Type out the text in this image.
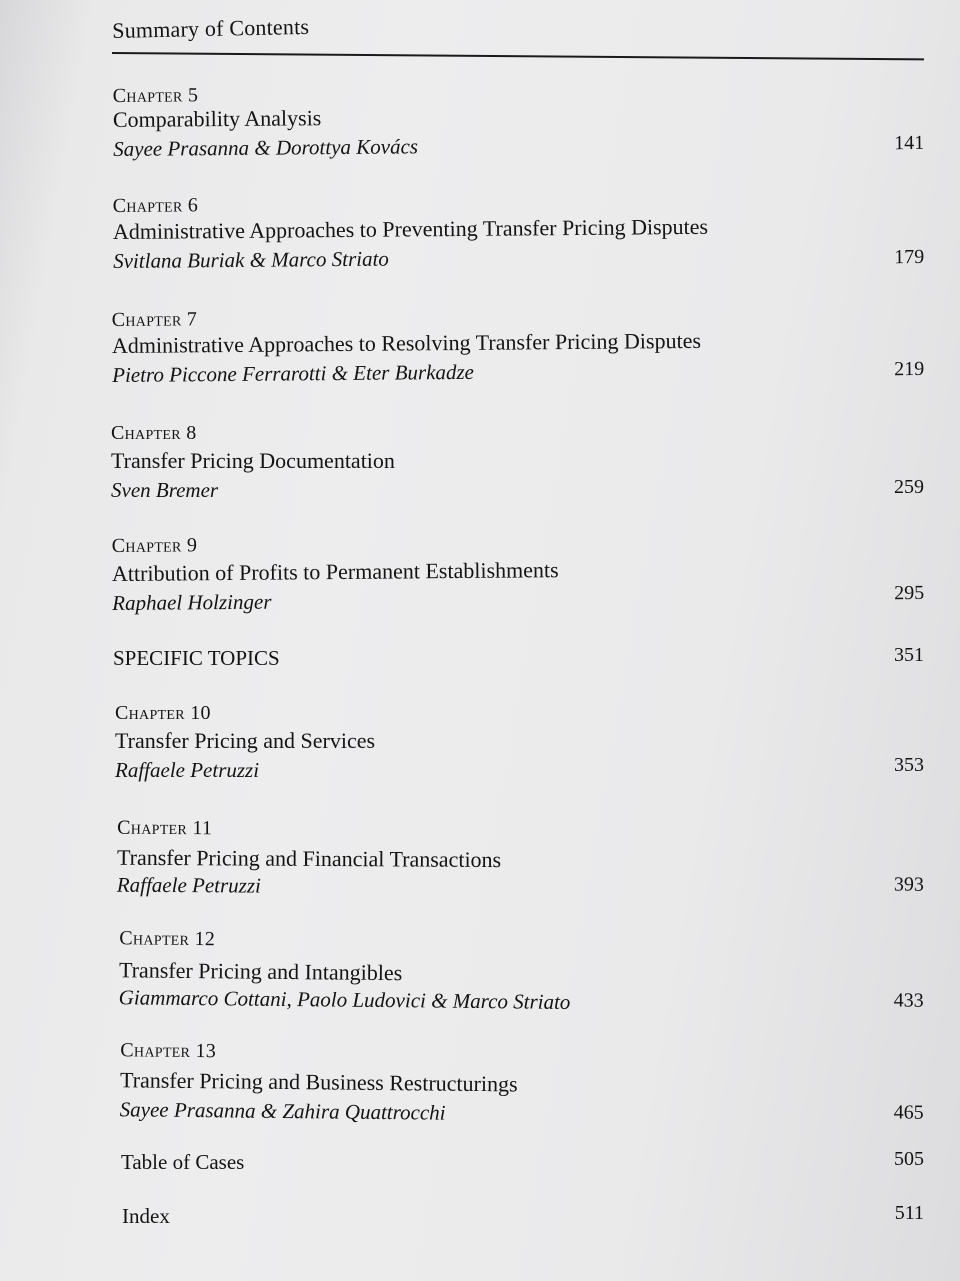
Summary of Contents
Chapter 5
Comparability Analysis
Sayee Prasanna & Dorottya Kovács	141
Chapter 6
Administrative Approaches to Preventing Transfer Pricing Disputes
Svitlana Buriak & Marco Striato	179
Chapter 7
Administrative Approaches to Resolving Transfer Pricing Disputes
Pietro Piccone Ferrarotti & Eter Burkadze	219
Chapter 8
Transfer Pricing Documentation
Sven Bremer	259
Chapter 9
Attribution of Profits to Permanent Establishments
Raphael Holzinger	295
SPECIFIC TOPICS	351
Chapter 10
Transfer Pricing and Services
Raffaele Petruzzi	353
Chapter 11
Transfer Pricing and Financial Transactions
Raffaele Petruzzi	393
Chapter 12
Transfer Pricing and Intangibles
Giammarco Cottani, Paolo Ludovici & Marco Striato	433
Chapter 13
Transfer Pricing and Business Restructurings
Sayee Prasanna & Zahira Quattrocchi	465
Table of Cases	505
Index	511
